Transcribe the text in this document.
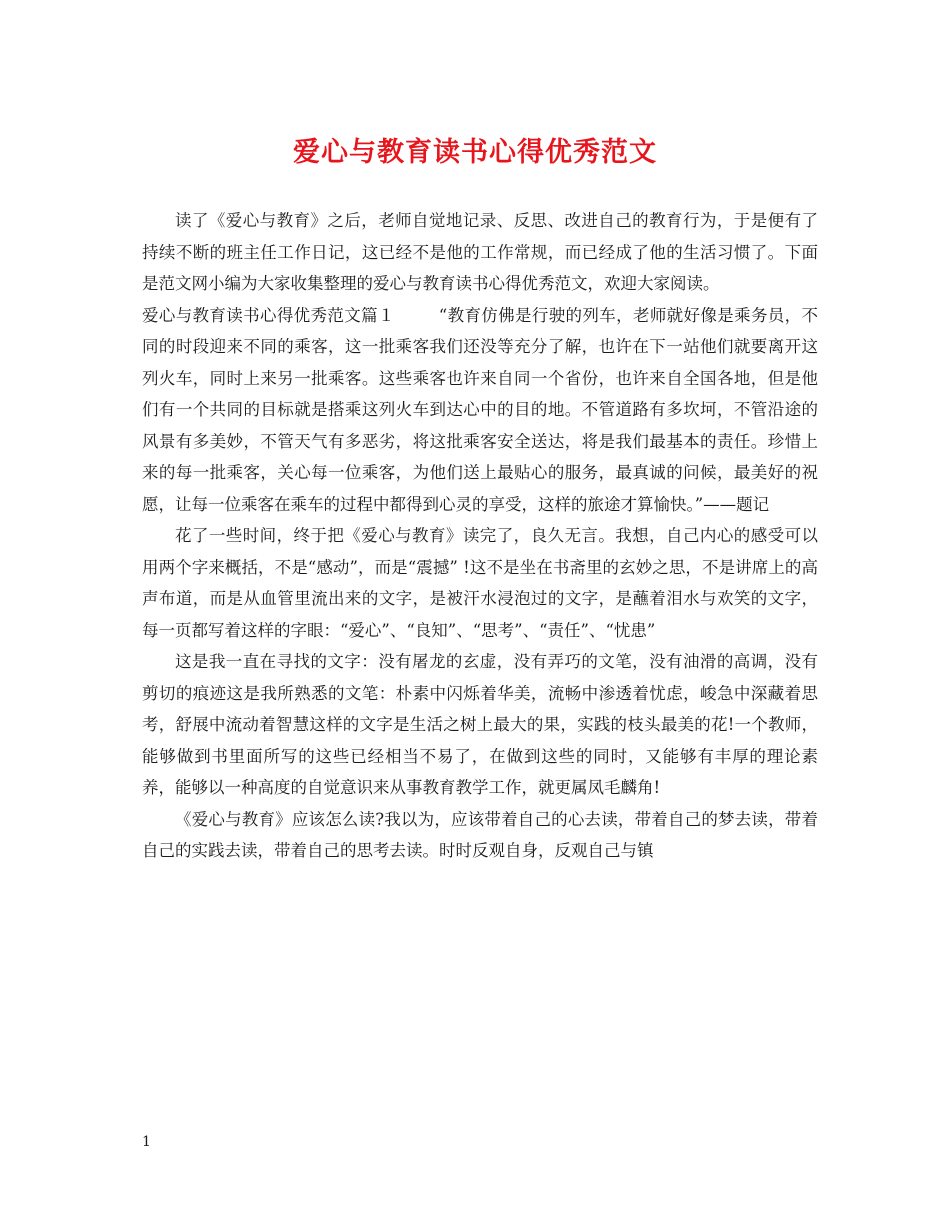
爱心与教育读书心得优秀范文

读了《爱心与教育》之后，老师自觉地记录、反思、改进自己的教育行为，于是便有了持续不断的班主任工作日记，这已经不是他的工作常规，而已经成了他的生活习惯了。下面是范文网小编为大家收集整理的爱心与教育读书心得优秀范文，欢迎大家阅读。

爱心与教育读书心得优秀范文篇１	“教育仿佛是行驶的列车，老师就好像是乘务员，不同的时段迎来不同的乘客，这一批乘客我们还没等充分了解，也许在下一站他们就要离开这列火车，同时上来另一批乘客。这些乘客也许来自同一个省份，也许来自全国各地，但是他们有一个共同的目标就是搭乘这列火车到达心中的目的地。不管道路有多坎坷，不管沿途的风景有多美妙，不管天气有多恶劣，将这批乘客安全送达，将是我们最基本的责任。珍惜上来的每一批乘客，关心每一位乘客，为他们送上最贴心的服务，最真诚的问候，最美好的祝愿，让每一位乘客在乘车的过程中都得到心灵的享受，这样的旅途才算愉快。”——题记

花了一些时间，终于把《爱心与教育》读完了，良久无言。我想，自己内心的感受可以用两个字来概括，不是“感动”，而是“震撼” !这不是坐在书斋里的玄妙之思，不是讲席上的高声布道，而是从血管里流出来的文字，是被汗水浸泡过的文字，是蘸着泪水与欢笑的文字，每一页都写着这样的字眼：“爱心”、“良知”、“思考”、“责任”、“忧患”

这是我一直在寻找的文字：没有屠龙的玄虚，没有弄巧的文笔，没有油滑的高调，没有剪切的痕迹这是我所熟悉的文笔：朴素中闪烁着华美，流畅中渗透着忧虑，峻急中深藏着思考，舒展中流动着智慧这样的文字是生活之树上最大的果，实践的枝头最美的花!一个教师，能够做到书里面所写的这些已经相当不易了，在做到这些的同时，又能够有丰厚的理论素养，能够以一种高度的自觉意识来从事教育教学工作，就更属凤毛麟角!

《爱心与教育》应该怎么读?我以为，应该带着自己的心去读，带着自己的梦去读，带着自己的实践去读，带着自己的思考去读。时时反观自身，反观自己与镇

1
